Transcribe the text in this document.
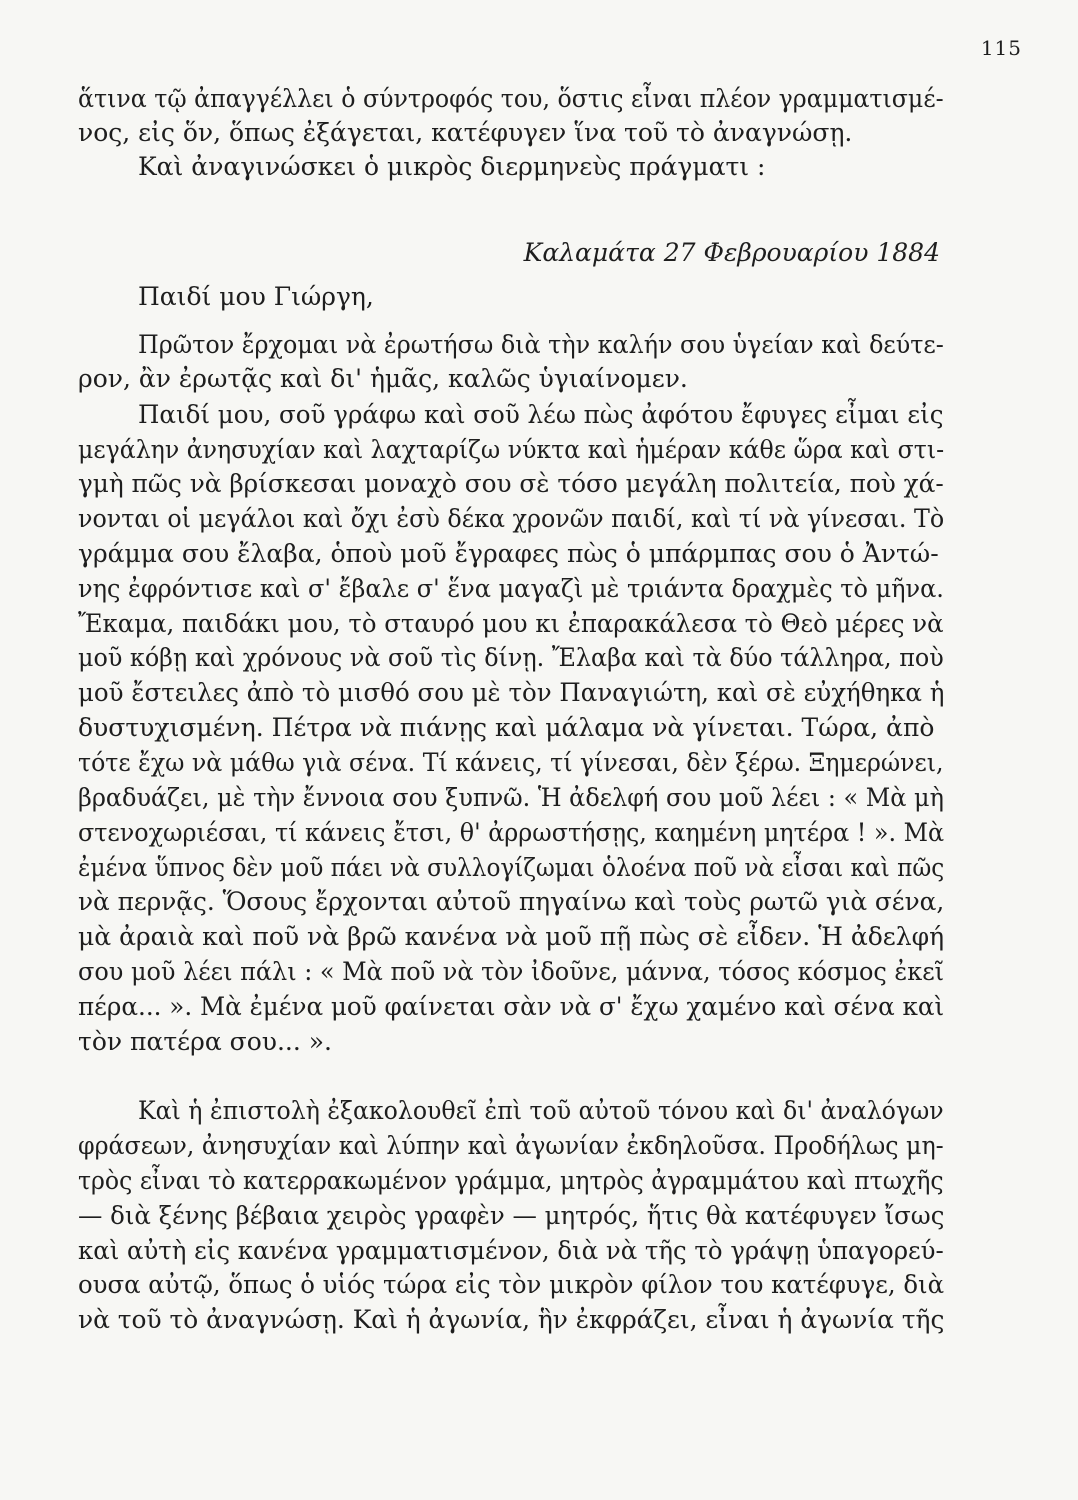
115
ἅτινα τῷ ἀπαγγέλλει ὁ σύντροφός του, ὅστις εἶναι πλέον γραμματισμέ-
νος, εἰς ὅν, ὅπως ἐξάγεται, κατέφυγεν ἵνα τοῦ τὸ ἀναγνώσῃ.
Καὶ ἀναγινώσκει ὁ μικρὸς διερμηνεὺς πράγματι :
Καλαμάτα 27 Φεβρουαρίου 1884
Παιδί μου Γιώργη,
Πρῶτον ἔρχομαι νὰ ἐρωτήσω διὰ τὴν καλήν σου ὑγείαν καὶ δεύτε-
ρον, ἂν ἐρωτᾷς καὶ δι' ἡμᾶς, καλῶς ὑγιαίνομεν.
Παιδί μου, σοῦ γράφω καὶ σοῦ λέω πὼς ἀφότου ἔφυγες εἶμαι εἰς
μεγάλην ἀνησυχίαν καὶ λαχταρίζω νύκτα καὶ ἡμέραν κάθε ὥρα καὶ στι-
γμὴ πῶς νὰ βρίσκεσαι μοναχὸ σου σὲ τόσο μεγάλη πολιτεία, ποὺ χά-
νονται οἱ μεγάλοι καὶ ὄχι ἐσὺ δέκα χρονῶν παιδί, καὶ τί νὰ γίνεσαι. Τὸ
γράμμα σου ἔλαβα, ὁποὺ μοῦ ἔγραφες πὼς ὁ μπάρμπας σου ὁ Ἀντώ-
νης ἐφρόντισε καὶ σ' ἔβαλε σ' ἕνα μαγαζὶ μὲ τριάντα δραχμὲς τὸ μῆνα.
Ἔκαμα, παιδάκι μου, τὸ σταυρό μου κι ἐπαρακάλεσα τὸ Θεὸ μέρες νὰ
μοῦ κόβῃ καὶ χρόνους νὰ σοῦ τὶς δίνῃ. Ἔλαβα καὶ τὰ δύο τάλληρα, ποὺ
μοῦ ἔστειλες ἀπὸ τὸ μισθό σου μὲ τὸν Παναγιώτη, καὶ σὲ εὐχήθηκα ἡ
δυστυχισμένη. Πέτρα νὰ πιάνῃς καὶ μάλαμα νὰ γίνεται. Τώρα, ἀπὸ
τότε ἔχω νὰ μάθω γιὰ σένα. Τί κάνεις, τί γίνεσαι, δὲν ξέρω. Ξημερώνει,
βραδυάζει, μὲ τὴν ἔννοια σου ξυπνῶ. Ἡ ἀδελφή σου μοῦ λέει : « Μὰ μὴ
στενοχωριέσαι, τί κάνεις ἔτσι, θ' ἀρρωστήσῃς, καημένη μητέρα ! ». Μὰ
ἐμένα ὕπνος δὲν μοῦ πάει νὰ συλλογίζωμαι ὁλοένα ποῦ νὰ εἶσαι καὶ πῶς
νὰ περνᾷς. Ὅσους ἔρχονται αὐτοῦ πηγαίνω καὶ τοὺς ρωτῶ γιὰ σένα,
μὰ ἀραιὰ καὶ ποῦ νὰ βρῶ κανένα νὰ μοῦ πῇ πὼς σὲ εἶδεν. Ἡ ἀδελφή
σου μοῦ λέει πάλι : « Μὰ ποῦ νὰ τὸν ἰδοῦνε, μάννα, τόσος κόσμος ἐκεῖ
πέρα... ». Μὰ ἐμένα μοῦ φαίνεται σὰν νὰ σ' ἔχω χαμένο καὶ σένα καὶ
τὸν πατέρα σου... ».
Καὶ ἡ ἐπιστολὴ ἐξακολουθεῖ ἐπὶ τοῦ αὐτοῦ τόνου καὶ δι' ἀναλόγων
φράσεων, ἀνησυχίαν καὶ λύπην καὶ ἀγωνίαν ἐκδηλοῦσα. Προδήλως μη-
τρὸς εἶναι τὸ κατερρακωμένον γράμμα, μητρὸς ἀγραμμάτου καὶ πτωχῆς
— διὰ ξένης βέβαια χειρὸς γραφὲν — μητρός, ἥτις θὰ κατέφυγεν ἴσως
καὶ αὐτὴ εἰς κανένα γραμματισμένον, διὰ νὰ τῆς τὸ γράψῃ ὑπαγορεύ-
ουσα αὐτῷ, ὅπως ὁ υἱός τώρα εἰς τὸν μικρὸν φίλον του κατέφυγε, διὰ
νὰ τοῦ τὸ ἀναγνώσῃ. Καὶ ἡ ἀγωνία, ἣν ἐκφράζει, εἶναι ἡ ἀγωνία τῆς
